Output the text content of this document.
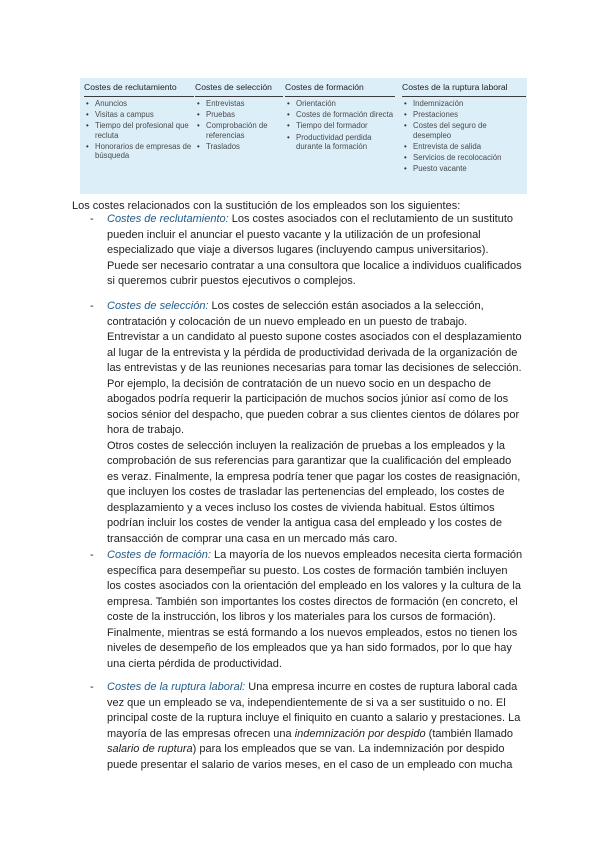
Costes de reclutamiento
• Anuncios
• Visitas a campus
• Tiempo del profesional que recluta
• Honorarios de empresas de búsqueda
Costes de selección
• Entrevistas
• Pruebas
• Comprobación de referencias
• Traslados
Costes de formación
• Orientación
• Costes de formación directa
• Tiempo del formador
• Productividad perdida durante la formación
Costes de la ruptura laboral
• Indemnización
• Prestaciones
• Costes del seguro de desempleo
• Entrevista de salida
• Servicios de recolocación
• Puesto vacante
Los costes relacionados con la sustitución de los empleados son los siguientes:
- Costes de reclutamiento: Los costes asociados con el reclutamiento de un sustituto
pueden incluir el anunciar el puesto vacante y la utilización de un profesional
especializado que viaje a diversos lugares (incluyendo campus universitarios).
Puede ser necesario contratar a una consultora que localice a individuos cualificados
si queremos cubrir puestos ejecutivos o complejos.
- Costes de selección: Los costes de selección están asociados a la selección,
contratación y colocación de un nuevo empleado en un puesto de trabajo.
Entrevistar a un candidato al puesto supone costes asociados con el desplazamiento
al lugar de la entrevista y la pérdida de productividad derivada de la organización de
las entrevistas y de las reuniones necesarias para tomar las decisiones de selección.
Por ejemplo, la decisión de contratación de un nuevo socio en un despacho de
abogados podría requerir la participación de muchos socios júnior así como de los
socios sénior del despacho, que pueden cobrar a sus clientes cientos de dólares por
hora de trabajo.
Otros costes de selección incluyen la realización de pruebas a los empleados y la
comprobación de sus referencias para garantizar que la cualificación del empleado
es veraz. Finalmente, la empresa podría tener que pagar los costes de reasignación,
que incluyen los costes de trasladar las pertenencias del empleado, los costes de
desplazamiento y a veces incluso los costes de vivienda habitual. Estos últimos
podrían incluir los costes de vender la antigua casa del empleado y los costes de
transacción de comprar una casa en un mercado más caro.
- Costes de formación: La mayoría de los nuevos empleados necesita cierta formación
específica para desempeñar su puesto. Los costes de formación también incluyen
los costes asociados con la orientación del empleado en los valores y la cultura de la
empresa. También son importantes los costes directos de formación (en concreto, el
coste de la instrucción, los libros y los materiales para los cursos de formación).
Finalmente, mientras se está formando a los nuevos empleados, estos no tienen los
niveles de desempeño de los empleados que ya han sido formados, por lo que hay
una cierta pérdida de productividad.
- Costes de la ruptura laboral: Una empresa incurre en costes de ruptura laboral cada
vez que un empleado se va, independientemente de si va a ser sustituido o no. El
principal coste de la ruptura incluye el finiquito en cuanto a salario y prestaciones. La
mayoría de las empresas ofrecen una indemnización por despido (también llamado
salario de ruptura) para los empleados que se van. La indemnización por despido
puede presentar el salario de varios meses, en el caso de un empleado con mucha
